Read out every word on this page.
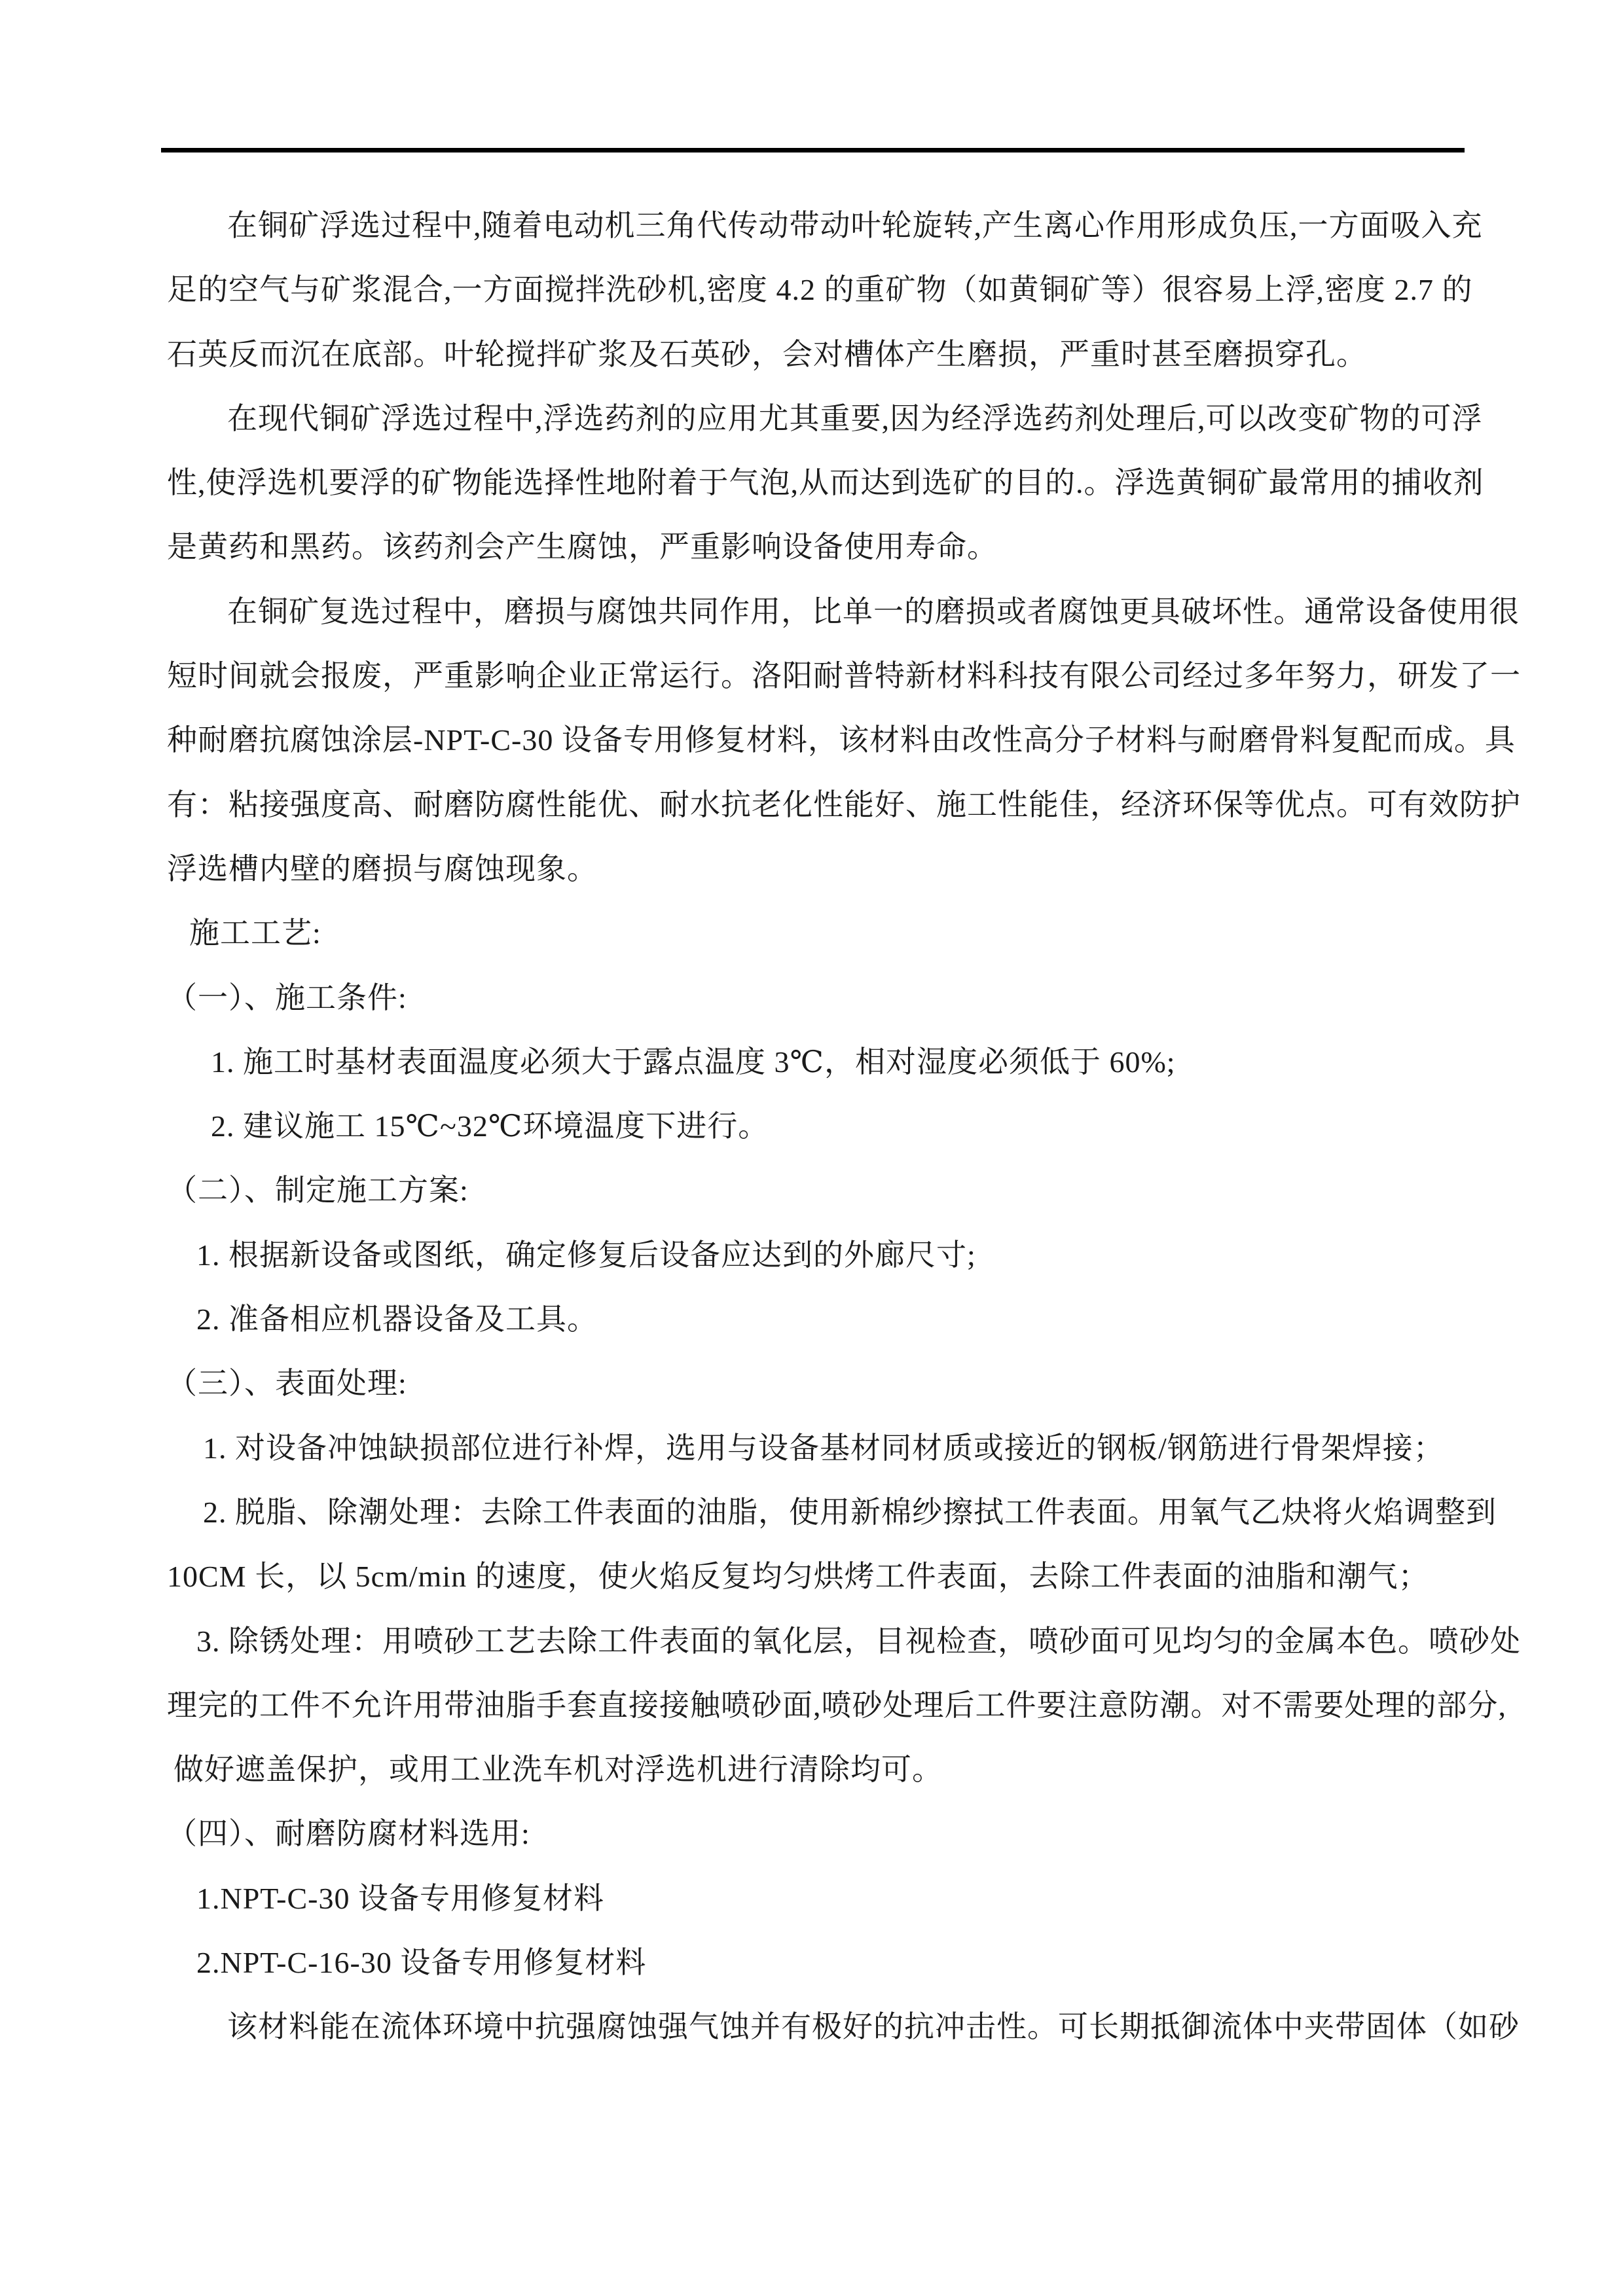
在铜矿浮选过程中,随着电动机三角代传动带动叶轮旋转,产生离心作用形成负压,一方面吸入充
足的空气与矿浆混合,一方面搅拌洗砂机,密度 4.2 的重矿物（如黄铜矿等）很容易上浮,密度 2.7 的
石英反而沉在底部。叶轮搅拌矿浆及石英砂，会对槽体产生磨损，严重时甚至磨损穿孔。
在现代铜矿浮选过程中,浮选药剂的应用尤其重要,因为经浮选药剂处理后,可以改变矿物的可浮
性,使浮选机要浮的矿物能选择性地附着于气泡,从而达到选矿的目的.。浮选黄铜矿最常用的捕收剂
是黄药和黑药。该药剂会产生腐蚀，严重影响设备使用寿命。
在铜矿复选过程中，磨损与腐蚀共同作用，比单一的磨损或者腐蚀更具破坏性。通常设备使用很
短时间就会报废，严重影响企业正常运行。洛阳耐普特新材料科技有限公司经过多年努力，研发了一
种耐磨抗腐蚀涂层-NPT-C-30 设备专用修复材料，该材料由改性高分子材料与耐磨骨料复配而成。具
有：粘接强度高、耐磨防腐性能优、耐水抗老化性能好、施工性能佳，经济环保等优点。可有效防护
浮选槽内壁的磨损与腐蚀现象。
施工工艺:
（一）、施工条件:
1. 施工时基材表面温度必须大于露点温度 3℃，相对湿度必须低于 60%;
2. 建议施工 15℃~32℃环境温度下进行。
（二）、制定施工方案:
1. 根据新设备或图纸，确定修复后设备应达到的外廊尺寸;
2. 准备相应机器设备及工具。
（三）、表面处理:
1. 对设备冲蚀缺损部位进行补焊，选用与设备基材同材质或接近的钢板/钢筋进行骨架焊接；
2. 脱脂、除潮处理：去除工件表面的油脂，使用新棉纱擦拭工件表面。用氧气乙炔将火焰调整到
10CM 长，以 5cm/min 的速度，使火焰反复均匀烘烤工件表面，去除工件表面的油脂和潮气；
3. 除锈处理：用喷砂工艺去除工件表面的氧化层，目视检查，喷砂面可见均匀的金属本色。喷砂处
理完的工件不允许用带油脂手套直接接触喷砂面,喷砂处理后工件要注意防潮。对不需要处理的部分,
做好遮盖保护，或用工业洗车机对浮选机进行清除均可。
（四）、耐磨防腐材料选用:
1.NPT-C-30 设备专用修复材料
2.NPT-C-16-30 设备专用修复材料
该材料能在流体环境中抗强腐蚀强气蚀并有极好的抗冲击性。可长期抵御流体中夹带固体（如砂
